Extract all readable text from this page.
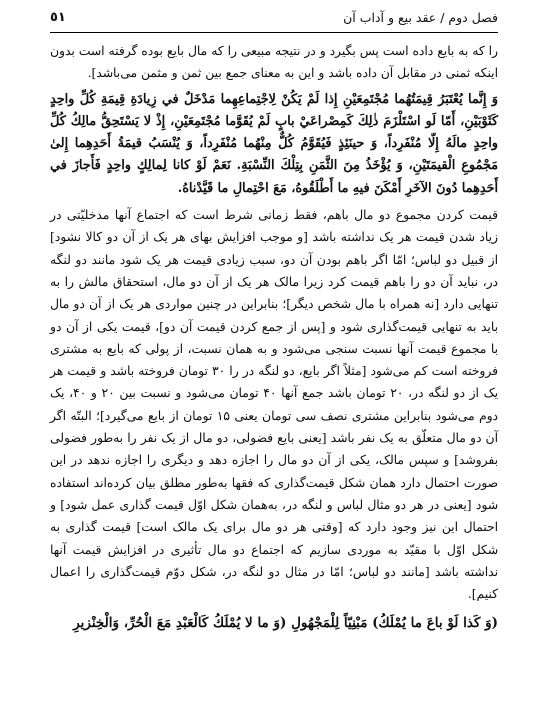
فصل دوم / عقد بیع و آداب آن
٥١

را که به بایع داده است پس بگیرد و در نتیجه مبیعی را که مال بایع بوده گرفته است بدون اینکه ثمنی در مقابل آن داده باشد و این به معنای جمع بین ثمن و مثمن می‌باشد].

وَ إِنَّما يُعْتَبَرُ قِيمَتُهُما مُجْتَمِعَيْنِ إِذا لَمْ يَكُنْ لِاجْتِماعِهِما مَدْخَلٌ في زِيادَةِ قِيمَةِ كُلِّ واحِدٍ كَثَوْبَيْنِ، أَمّا لَو اسْتَلْزَمَ ذٰلِكَ كَمِصْراعَيْ بابٍ لَمْ يُقَوَّما مُجْتَمِعَيْنِ، إِذْ لا يَسْتَحِقُّ مالِكُ كُلِّ واحِدٍ مالَهُ إِلّا مُنْفَرِداً، وَ حينَئِذٍ فَيُقَوَّمُ كُلٌّ مِنْهُما مُنْفَرِداً، وَ يُنْسَبُ قيمَةُ أَحَدِهِما إِلىٰ مَجْمُوعِ الْقيمَتَيْنِ، وَ يُؤْخَذُ مِنَ الثَّمَنِ بِتِلْكَ النِّسْبَةِ. نَعَمْ لَوْ كانا لِمالِكٍ واحِدٍ فَأَجازَ في أَحَدِهِما دُونَ الآخَرِ أَمْكَنَ فيهِ ما أَطْلَقُوهُ، مَعَ احْتِمالِ ما قَيَّدْناهُ.

قیمت کردن مجموع دو مال باهم، فقط زمانی شرط است که اجتماع آنها مدخلیّتی در زیاد شدن قیمت هر یک نداشته باشد [و موجب افزایش بهای هر یک از آن دو کالا نشود] از قبیل دو لباس؛ امّا اگر باهم بودن آن دو، سبب زیادی قیمت هر یک شود مانند دو لنگه در، نباید آن دو را باهم قیمت کرد زیرا مالک هر یک از آن دو مال، استحقاق مالش را به تنهایی دارد [نه همراه با مال شخص دیگر]؛ بنابراین در چنین مواردی هر یک از آن دو مال باید به تنهایی قیمت‌گذاری شود و [پس از جمع کردن قیمت آن دو]، قیمت یکی از آن دو با مجموع قیمت آنها نسبت سنجی می‌شود و به همان نسبت، از پولی که بایع به مشتری فروخته است کم می‌شود [مثلاً اگر بایع، دو لنگه در را ۳۰ تومان فروخته باشد و قیمت هر یک از دو لنگه در، ۲۰ تومان باشد جمع آنها ۴۰ تومان می‌شود و نسبت بین ۲۰ و ۴۰، یک دوم می‌شود بنابراین مشتری نصف سی تومان یعنی ۱۵ تومان از بایع می‌گیرد]؛ البتّه اگر آن دو مال متعلّق به یک نفر باشد [یعنی بایع فضولی، دو مال از یک نفر را به‌طور فضولی بفروشد] و سپس مالک، یکی از آن دو مال را اجازه دهد و دیگری را اجازه ندهد در این صورت احتمال دارد همان شکل قیمت‌گذاری که فقها به‌طور مطلق بیان کرده‌اند استفاده شود [یعنی در هر دو مثال لباس و لنگه در، به‌همان شکل اوّل قیمت گذاری عمل شود] و احتمال این نیز وجود دارد که [وقتی هر دو مال برای یک مالک است] قیمت گذاری به شکل اوّل با مقیّد به موردی سازیم که اجتماع دو مال تأثیری در افزایش قیمت آنها نداشته باشد [مانند دو لباس؛ امّا در مثال دو لنگه در، شکل دوّم قیمت‌گذاری را اعمال کنیم].

(وَ كَذا لَوْ باعَ ما يُمْلَكُ) مَبْنِيّاً لِلْمَجْهُولِ (وَ ما لا يُمْلَكُ كَالْعَبْدِ مَعَ الْحُرِّ، وَالْخِنْزيرِ
